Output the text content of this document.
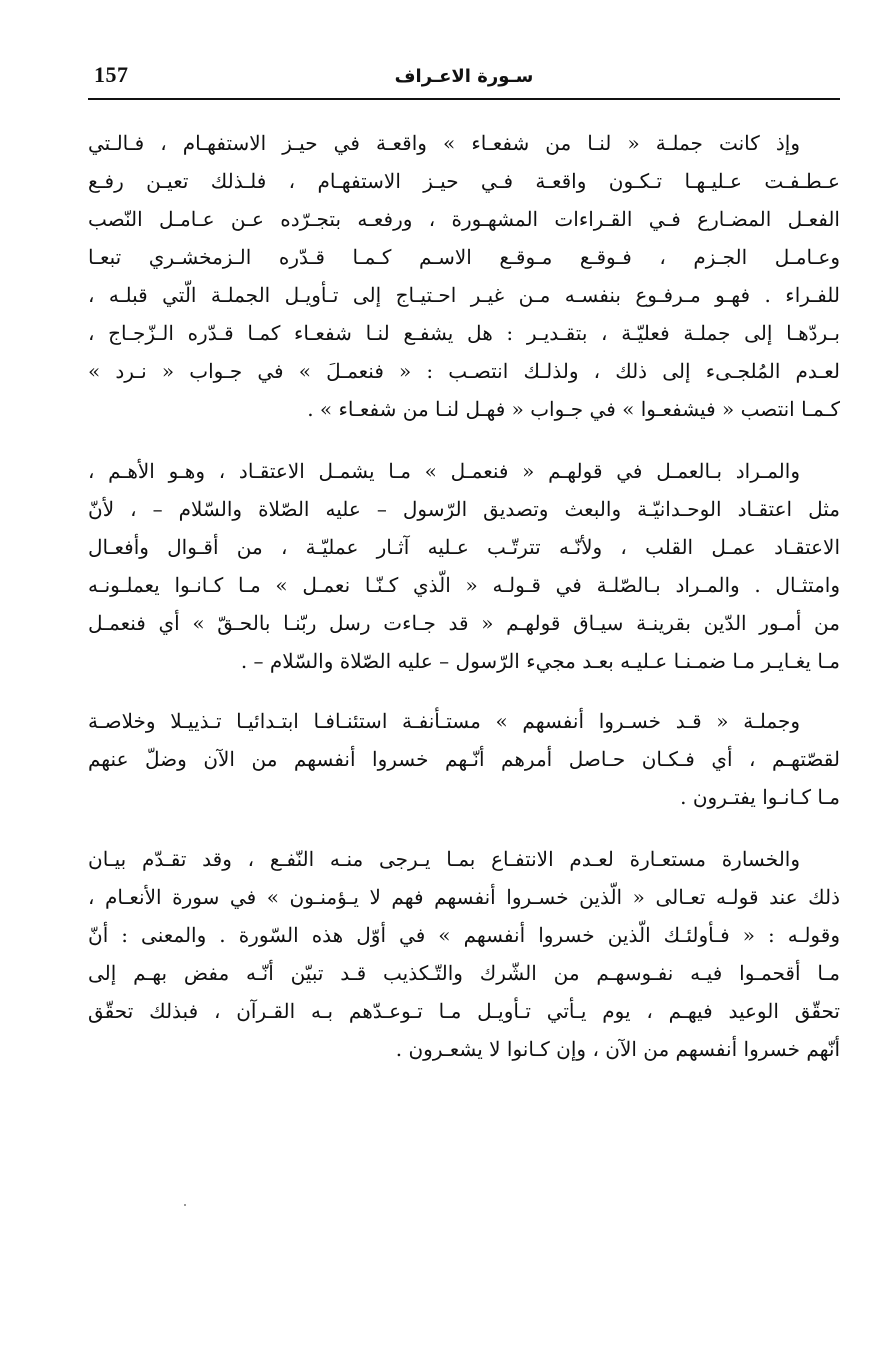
157	سـورة الاعـراف
وإذ كانت جملـة « لنـا من شفعـاء » واقعـة في حيـز الاستفهـام ، فـالـتي
عـطـفـت عـليـهـا تـكـون واقعـة فـي حيـز الاستفهـام ، فلـذلك تعيـن رفـع
الفعـل المضـارع فـي القـراءات المشهـورة ، ورفعـه بتجـرّده عـن عـامـل النّصب
وعـامـل الجـزم ، فـوقـع مـوقـع الاسـم كـمـا قـدّره الـزمخشـري تبعـا
للفـراء . فهـو مـرفـوع بنفسـه مـن غيـر احـتيـاج إلى تـأويـل الجملـة الّتي قبلـه ،
بـردّهـا إلى جملـة فعليّـة ، بتقـديـر : هل يشفـع لنـا شفعـاء كمـا قـدّره الـزّجـاج ،
لعـدم المُلجـىء إلى ذلك ، ولذلـك انتصـب : « فنعمـلَ » في جـواب « نـرد »
كـمـا انتصب « فيشفعـوا » في جـواب « فهـل لنـا من شفعـاء » .
والمـراد بـالعمـل في قولهـم « فنعمـل » مـا يشمـل الاعتقـاد ، وهـو الأهـم ،
مثل اعتقـاد الوحـدانيّـة والبعث وتصديق الرّسول – عليه الصّلاة والسّلام – ، لأنّ
الاعتقـاد عمـل القلب ، ولأنّـه تترتّـب عـليه آثـار عمليّـة ، من أقـوال وأفعـال
وامتثـال . والمـراد بـالصّلـة في قـولـه « الّذي كـنّـا نعمـل » مـا كـانـوا يعملـونـه
من أمـور الدّين بقرينـة سيـاق قولهـم « قد جـاءت رسل ربّنـا بالحـقّ » أي فنعمـل
مـا يغـايـر مـا ضمـنـا عـليـه بعـد مجيء الرّسول – عليه الصّلاة والسّلام – .
وجملـة « قـد خسـروا أنفسهم » مستـأنفـة استئنـافـا ابتـدائيـا تـذييـلا وخلاصـة
لقصّتهـم ، أي فـكـان حـاصل أمرهم أنّـهم خسروا أنفسهم من الآن وضلّ عنهم
مـا كـانـوا يفتـرون .
والخسارة مستعـارة لعـدم الانتفـاع بمـا يـرجى منـه النّفـع ، وقد تقـدّم بيـان
ذلك عند قولـه تعـالى « الّذين خسـروا أنفسهم فهم لا يـؤمنـون » في سورة الأنعـام ،
وقولـه : « فـأولئـك الّذين خسروا أنفسهم » في أوّل هذه السّورة . والمعنى : أنّ
مـا أقحمـوا فيـه نفـوسهـم من الشّرك والتّـكذيب قـد تبيّن أنّـه مفض بهـم إلى
تحقّق الوعيد فيهـم ، يوم يـأتي تـأويـل مـا تـوعـدّهم بـه القـرآن ، فبذلك تحقّق
أنّهم خسروا أنفسهم من الآن ، وإن كـانوا لا يشعـرون .
